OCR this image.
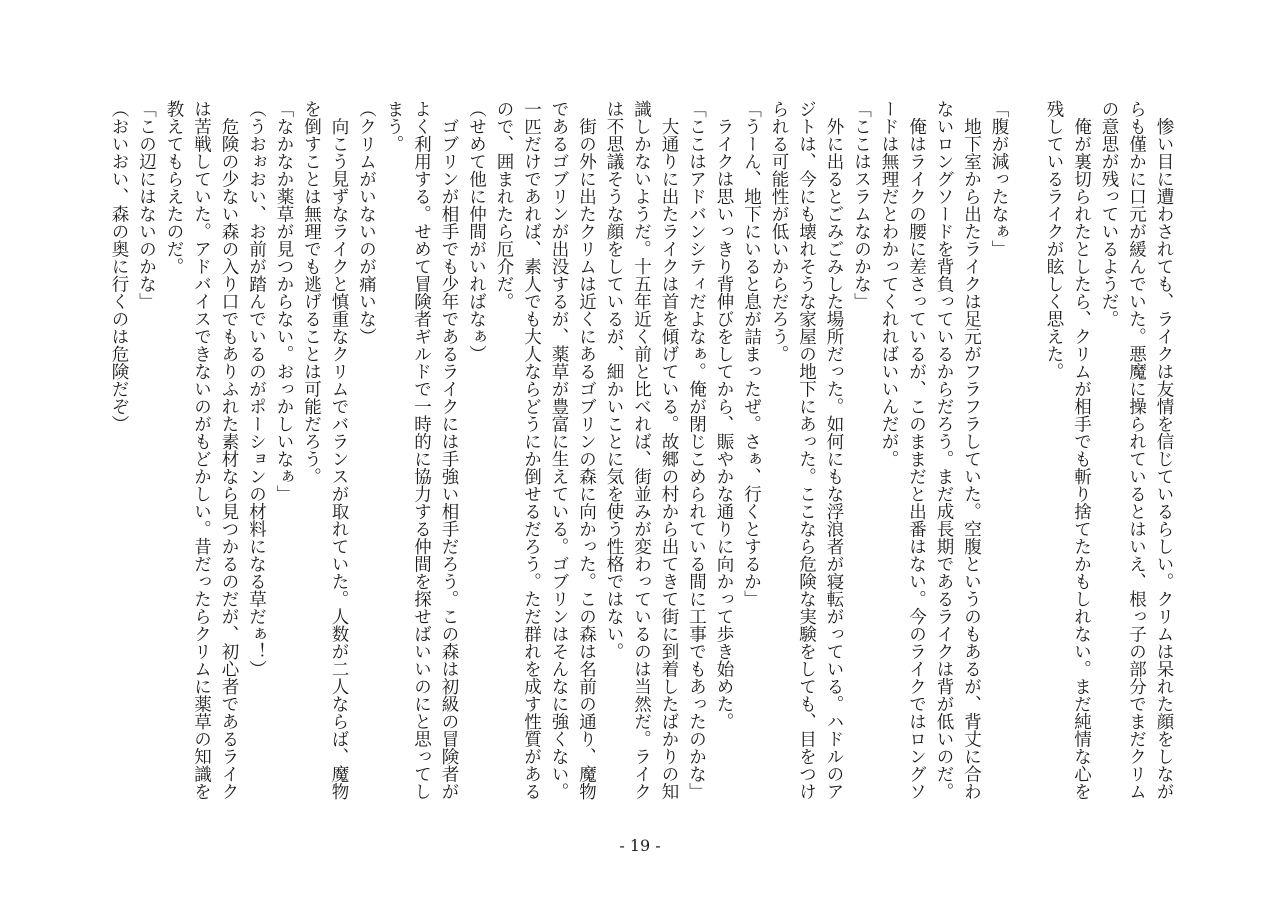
　惨い目に遭わされても、ライクは友情を信じているらしい。クリムは呆れた顔をしなが
らも僅かに口元が緩んでいた。悪魔に操られているとはいえ、根っ子の部分でまだクリム
の意思が残っているようだ。
　俺が裏切られたとしたら、クリムが相手でも斬り捨てたかもしれない。まだ純情な心を
残しているライクが眩しく思えた。
「腹が減ったなぁ」
　地下室から出たライクは足元がフラフラしていた。空腹というのもあるが、背丈に合わ
ないロングソードを背負っているからだろう。まだ成長期であるライクは背が低いのだ。
　俺はライクの腰に差さっているが、このままだと出番はない。今のライクではロングソ
ードは無理だとわかってくれればいいんだが。
「ここはスラムなのかな」
　外に出るとごみごみした場所だった。如何にもな浮浪者が寝転がっている。ハドルのア
ジトは、今にも壊れそうな家屋の地下にあった。ここなら危険な実験をしても、目をつけ
られる可能性が低いからだろう。
「うーん、地下にいると息が詰まったぜ。さぁ、行くとするか」
　ライクは思いっきり背伸びをしてから、賑やかな通りに向かって歩き始めた。
「ここはアドバンシティだよなぁ。俺が閉じこめられている間に工事でもあったのかな」
　大通りに出たライクは首を傾げている。故郷の村から出てきて街に到着したばかりの知
識しかないようだ。十五年近く前と比べれば、街並みが変わっているのは当然だ。ライク
は不思議そうな顔をしているが、細かいことに気を使う性格ではない。
　街の外に出たクリムは近くにあるゴブリンの森に向かった。この森は名前の通り、魔物
であるゴブリンが出没するが、薬草が豊富に生えている。ゴブリンはそんなに強くない。
一匹だけであれば、素人でも大人ならどうにか倒せるだろう。ただ群れを成す性質がある
ので、囲まれたら厄介だ。
（せめて他に仲間がいればなぁ）
　ゴブリンが相手でも少年であるライクには手強い相手だろう。この森は初級の冒険者が
よく利用する。せめて冒険者ギルドで一時的に協力する仲間を探せばいいのにと思ってし
まう。
（クリムがいないのが痛いな）
　向こう見ずなライクと慎重なクリムでバランスが取れていた。人数が二人ならば、魔物
を倒すことは無理でも逃げることは可能だろう。
「なかなか薬草が見つからない。おっかしいなぁ」
（うおぉおい、お前が踏んでいるのがポーションの材料になる草だぁ！）
　危険の少ない森の入り口でもありふれた素材なら見つかるのだが、初心者であるライク
は苦戦していた。アドバイスできないのがもどかしい。昔だったらクリムに薬草の知識を
教えてもらえたのだ。
「この辺にはないのかな」
（おいおい、森の奥に行くのは危険だぞ）
- 19 -
